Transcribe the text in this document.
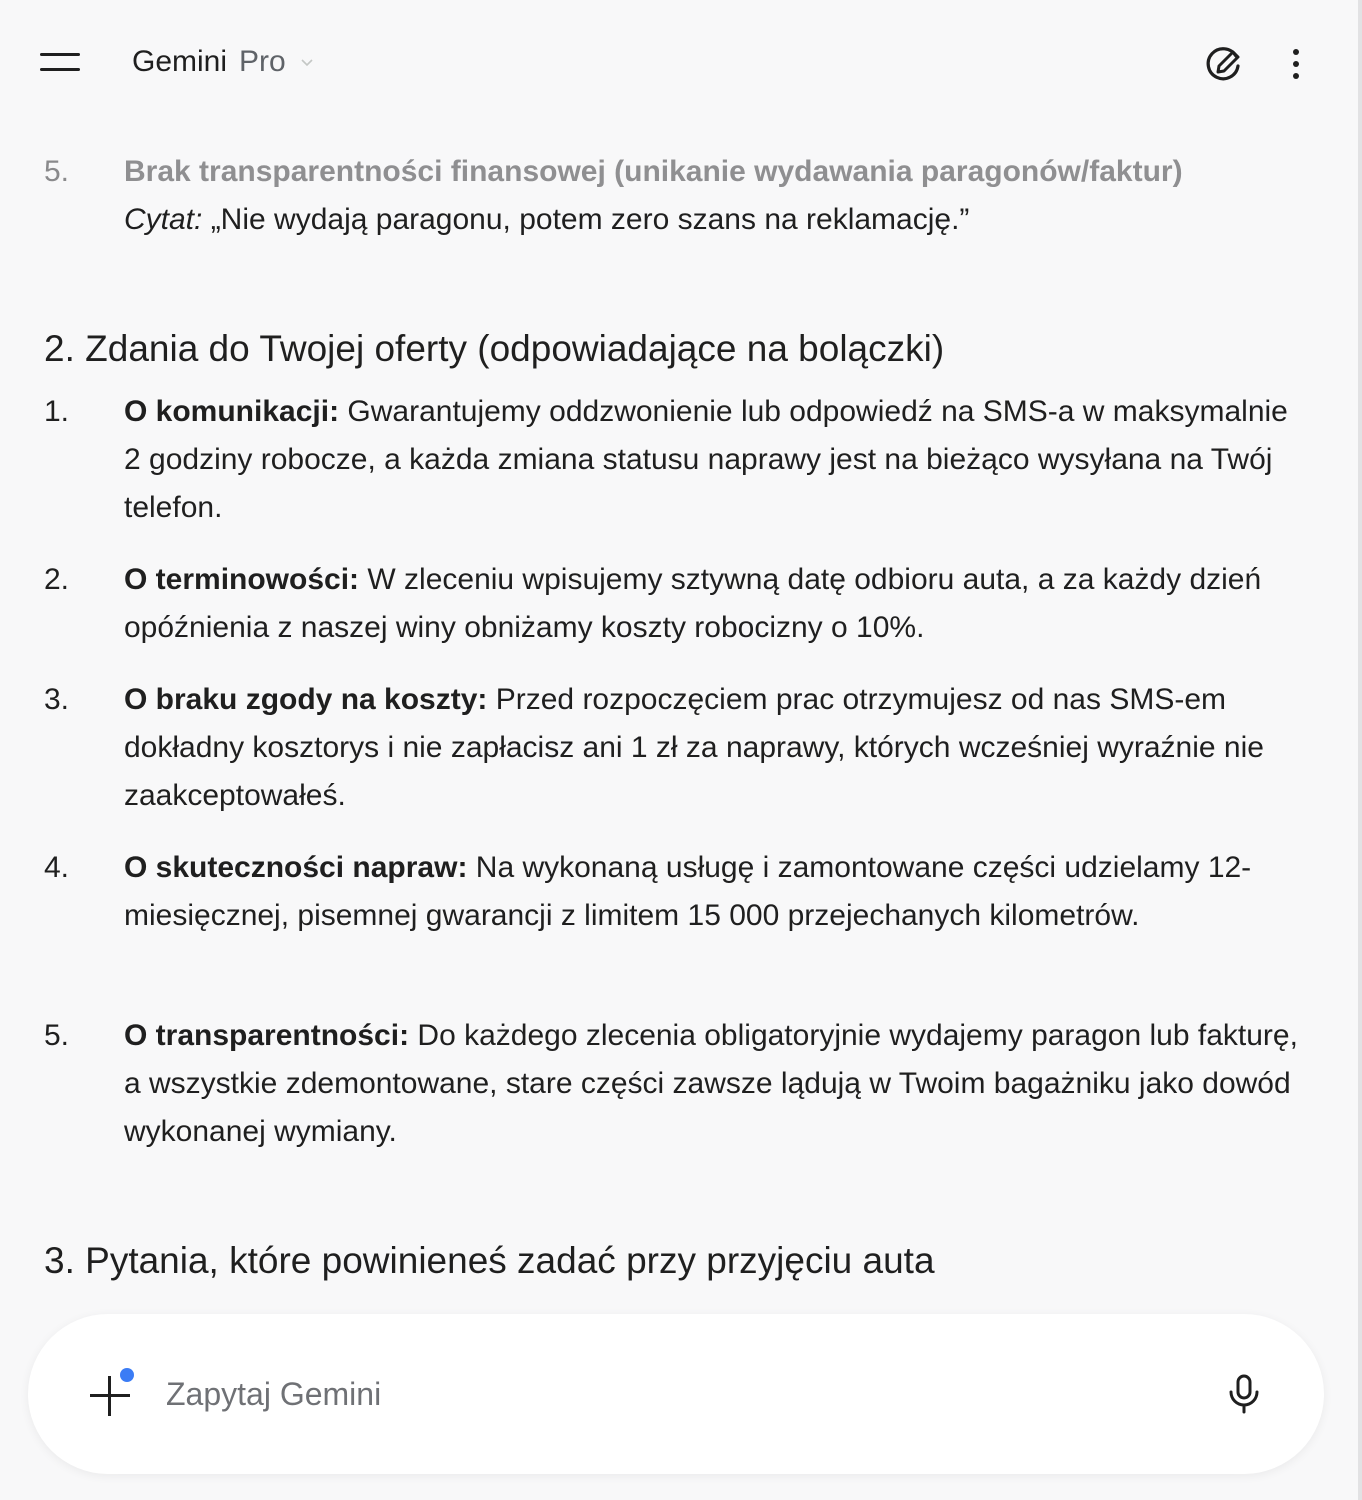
Gemini Pro
5.	Brak transparentności finansowej (unikanie wydawania paragonów/faktur)
Cytat: „Nie wydają paragonu, potem zero szans na reklamację.”
2. Zdania do Twojej oferty (odpowiadające na bolączki)
1.	O komunikacji: Gwarantujemy oddzwonienie lub odpowiedź na SMS-a w maksymalnie 2 godziny robocze, a każda zmiana statusu naprawy jest na bieżąco wysyłana na Twój telefon.
2.	O terminowości: W zleceniu wpisujemy sztywną datę odbioru auta, a za każdy dzień opóźnienia z naszej winy obniżamy koszty robocizny o 10%.
3.	O braku zgody na koszty: Przed rozpoczęciem prac otrzymujesz od nas SMS-em dokładny kosztorys i nie zapłacisz ani 1 zł za naprawy, których wcześniej wyraźnie nie zaakceptowałeś.
4.	O skuteczności napraw: Na wykonaną usługę i zamontowane części udzielamy 12-miesięcznej, pisemnej gwarancji z limitem 15 000 przejechanych kilometrów.
5.	O transparentności: Do każdego zlecenia obligatoryjnie wydajemy paragon lub fakturę, a wszystkie zdemontowane, stare części zawsze lądują w Twoim bagażniku jako dowód wykonanej wymiany.
3. Pytania, które powinieneś zadać przy przyjęciu auta
Zapytaj Gemini
